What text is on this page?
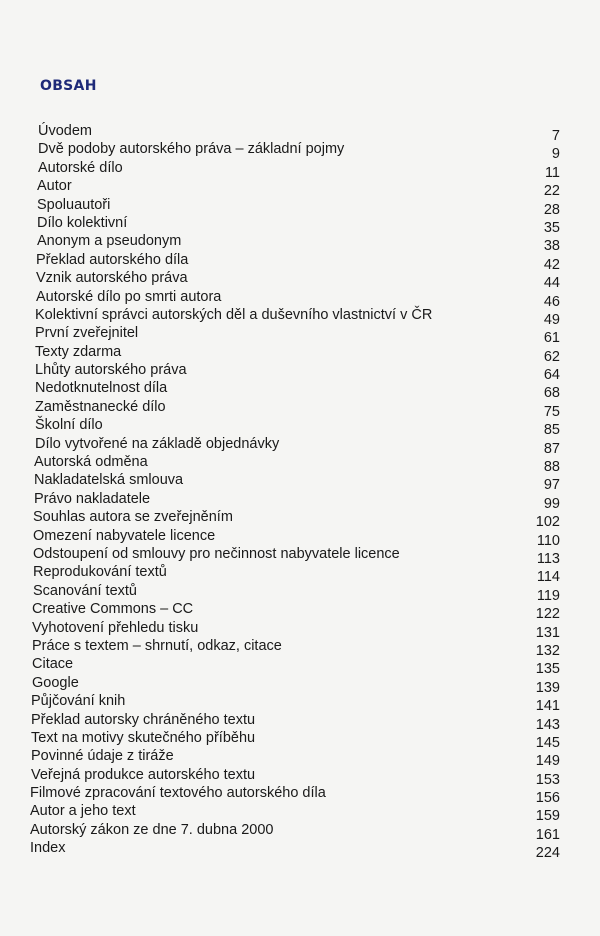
OBSAH
Úvodem	7
Dvě podoby autorského práva – základní pojmy	9
Autorské dílo	11
Autor	22
Spoluautoři	28
Dílo kolektivní	35
Anonym a pseudonym	38
Překlad autorského díla	42
Vznik autorského práva	44
Autorské dílo po smrti autora	46
Kolektivní správci autorských děl a duševního vlastnictví v ČR	49
První zveřejnitel	61
Texty zdarma	62
Lhůty autorského práva	64
Nedotknutelnost díla	68
Zaměstnanecké dílo	75
Školní dílo	85
Dílo vytvořené na základě objednávky	87
Autorská odměna	88
Nakladatelská smlouva	97
Právo nakladatele	99
Souhlas autora se zveřejněním	102
Omezení nabyvatele licence	110
Odstoupení od smlouvy pro nečinnost nabyvatele licence	113
Reprodukování textů	114
Scanování textů	119
Creative Commons – CC	122
Vyhotovení přehledu tisku	131
Práce s textem – shrnutí, odkaz, citace	132
Citace	135
Google	139
Půjčování knih	141
Překlad autorsky chráněného textu	143
Text na motivy skutečného příběhu	145
Povinné údaje z tiráže	149
Veřejná produkce autorského textu	153
Filmové zpracování textového autorského díla	156
Autor a jeho text	159
Autorský zákon ze dne 7. dubna 2000	161
Index	224
